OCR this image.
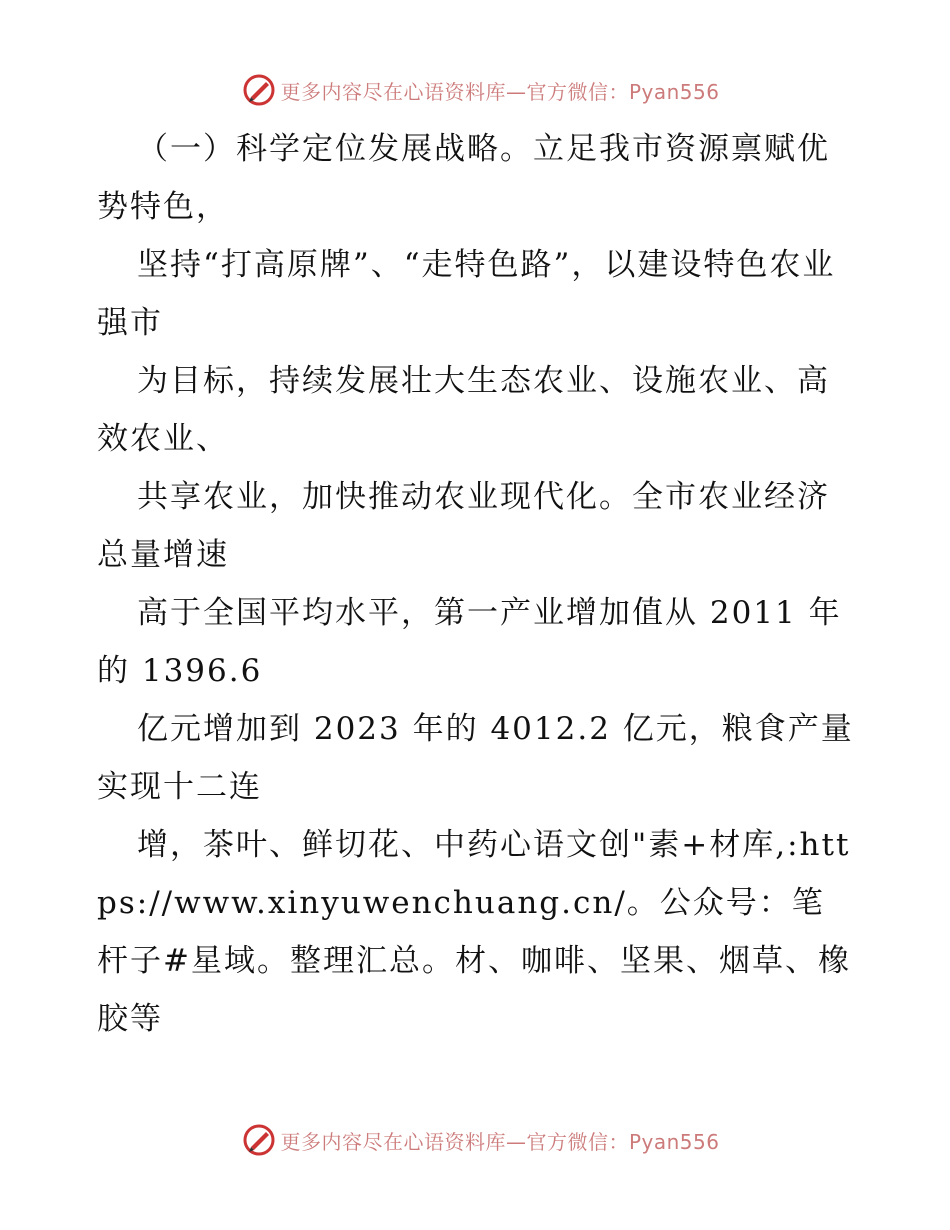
更多内容尽在心语资料库—官方微信：Pyan556

（一）科学定位发展战略。立足我市资源禀赋优势特色，

坚持“打高原牌”、“走特色路”，以建设特色农业强市

为目标，持续发展壮大生态农业、设施农业、高效农业、

共享农业，加快推动农业现代化。全市农业经济总量增速

高于全国平均水平，第一产业增加值从 2011 年的 1396.6

亿元增加到 2023 年的 4012.2 亿元，粮食产量实现十二连

增，茶叶、鲜切花、中药心语文创"素+材库,:https://www.xinyuwenchuang.cn/。公众号：笔杆子#星域。整理汇总。材、咖啡、坚果、烟草、橡胶等

更多内容尽在心语资料库—官方微信：Pyan556
